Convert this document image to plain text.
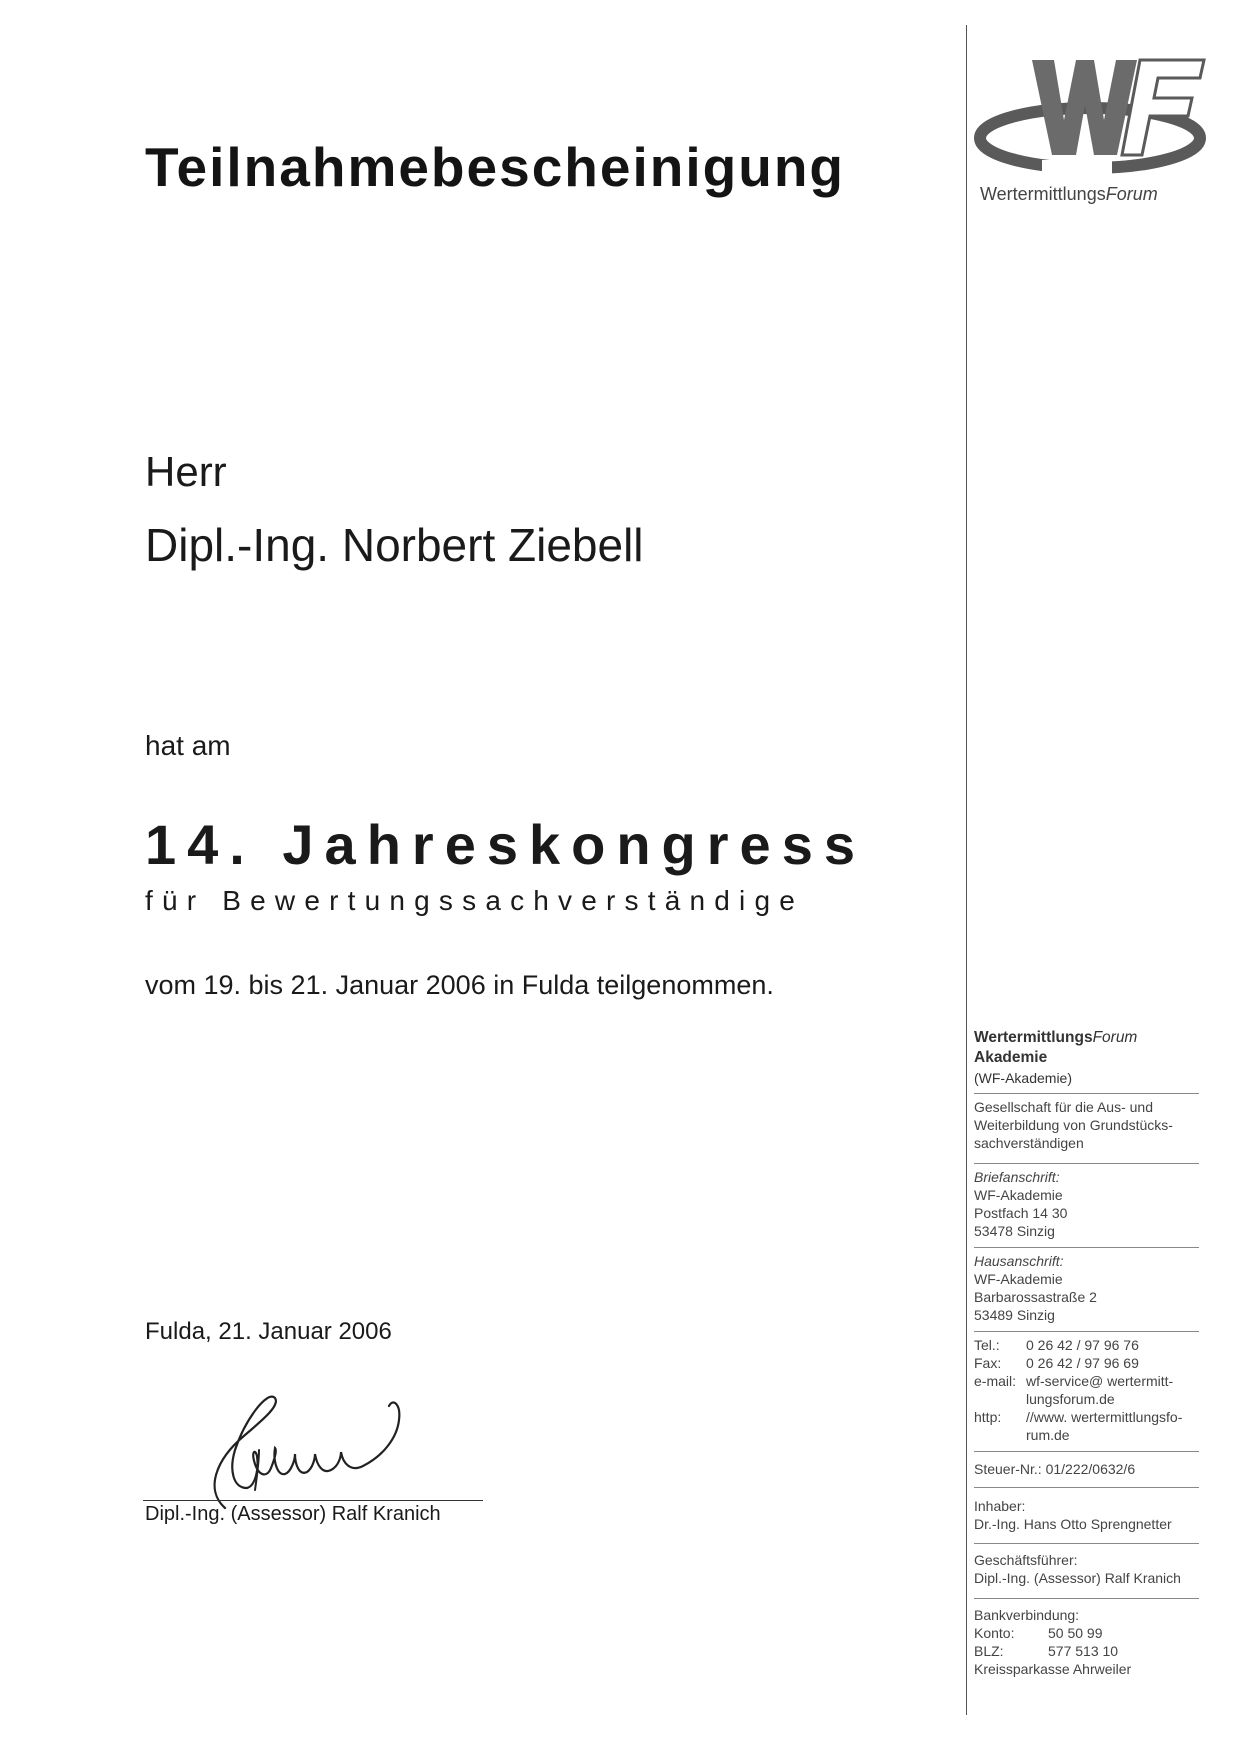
Teilnahmebescheinigung
Herr
Dipl.-Ing. Norbert Ziebell
hat am
14. Jahreskongress
für Bewertungssachverständige
vom 19. bis 21. Januar 2006 in Fulda teilgenommen.
Fulda, 21. Januar 2006
Dipl.-Ing. (Assessor) Ralf Kranich
WertermittlungsForum
WertermittlungsForum
Akademie
(WF-Akademie)
Gesellschaft für die Aus- und
Weiterbildung von Grundstücks-
sachverständigen
Briefanschrift:
WF-Akademie
Postfach 14 30
53478 Sinzig
Hausanschrift:
WF-Akademie
Barbarossastraße 2
53489 Sinzig
Tel.:	0 26 42 / 97 96 76
Fax:	0 26 42 / 97 96 69
e-mail: wf-service@ wertermitt-
lungsforum.de
http:	//www. wertermittlungsfo-
rum.de
Steuer-Nr.: 01/222/0632/6
Inhaber:
Dr.-Ing. Hans Otto Sprengnetter
Geschäftsführer:
Dipl.-Ing. (Assessor) Ralf Kranich
Bankverbindung:
Konto:	50 50 99
BLZ:	577 513 10
Kreissparkasse Ahrweiler
